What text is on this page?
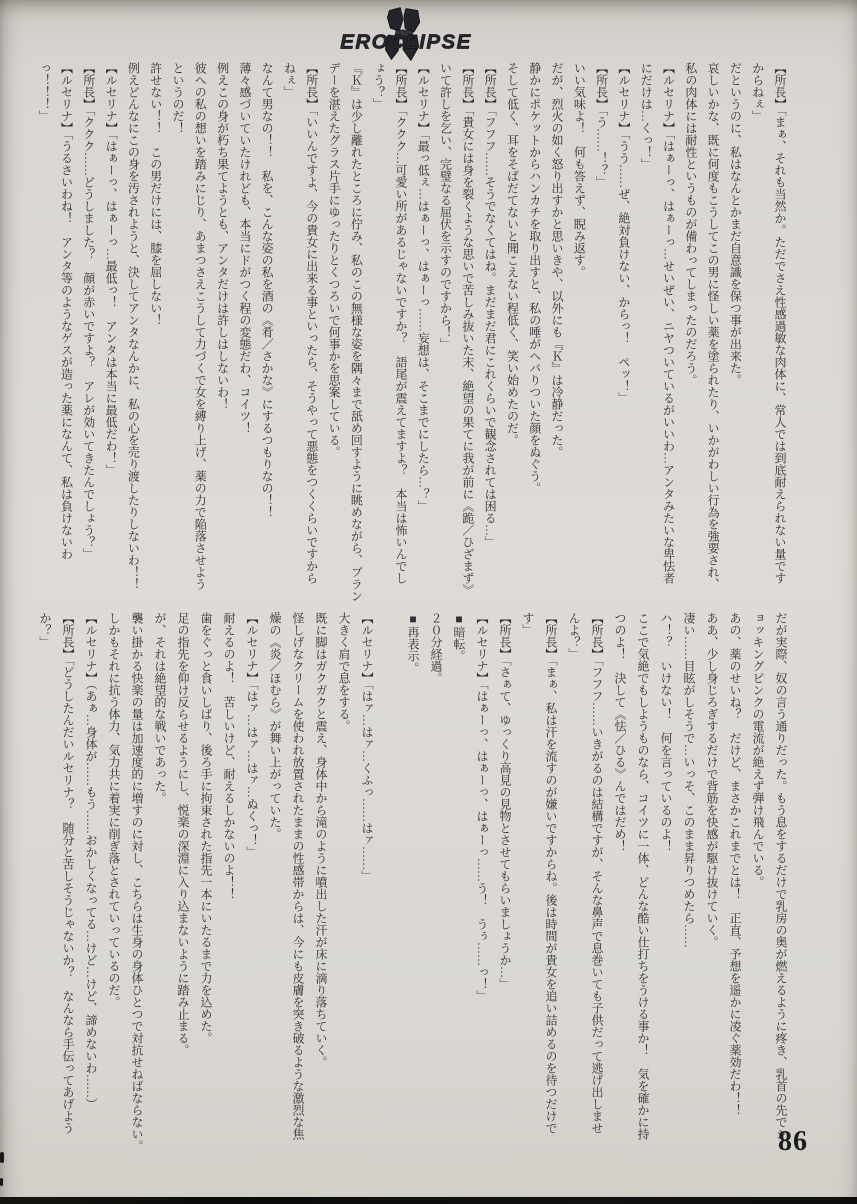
EROCLIPSE

【所長】「まぁ、それも当然か。ただでさえ性感過敏な肉体に、常人では到底耐えられない量です

からねぇ」

だというのに、私はなんとかまだ自意識を保つ事が出来た。

哀しいかな、既に何度もこうしてこの男に怪しい薬を塗られたり、いかがわしい行為を強要され、

私の肉体には耐性というものが備わってしまったのだろう。

【ルセリナ】「はぁーっ、はぁーっ…せいぜい、ニヤついているがいいわ…アンタみたいな卑怯者

にだけは…くっ！」

【ルセリナ】「うう……ぜ、絶対負けない、からっ！　ペッ！」

【所長】「う……！？」

いい気味よ！　何も答えず、睨み返す。

だが、烈火の如く怒り出すかと思いきや、以外にも『Ｋ』は冷静だった。

静かにポケットからハンカチを取り出すと、私の唾がヘバりついた顔をぬぐう。

そして低く、耳をそばだてないと聞こえない程低く、笑い始めたのだ。

【所長】「フフフ……そうでなくてはね。まだまだ君にこれくらいで観念されては困る…」

【所長】「貴女には身を裂くような思いで苦しみ抜いた末、絶望の果てに我が前に《跪／ひざまず》

いて許しを乞い、完璧なる屈伏を示すのですから！」

【ルセリナ】「最っ低ぇ…はぁーっ、はぁーっ……妄想は、そこまでにしたら…？」

【所長】「ククク…可愛い所があるじゃないですか？　語尾が震えてますよ？　本当は怖いんでし

ょう？」

『Ｋ』は少し離れたところに佇み、私のこの無様な姿を隅々まで舐め回すように眺めながら、ブラン

デーを湛えたグラス片手にゆったりとくつろいで何事かを思案している。

【所長】「いいんですよ、今の貴女に出来る事といったら、そうやって悪態をつくくらいですから

ねぇ」

なんて男なの！！　私を、こんな姿の私を酒の《肴／さかな》にするつもりなの！！

薄々感づいていたけれども、本当にドがつく程の変態だわ、コイツ！

例えこの身が朽ち果てようとも、アンタだけは許しはしないわ！

彼への私の想いを踏みにじり、あまつさえこうして力づくで女を縛り上げ、薬の力で陥落させよう

というのだ！

許せない！！　この男だけには、膝を屈しない！

例えどんなにこの身を汚されようと、決してアンタなんかに、私の心を売り渡したりしないわ！！

【ルセリナ】「はぁーっ、はぁーっ…最低っ！　アンタは本当に最低だわ！」

【所長】「ククク……どうしました？　顔が赤いですよ？　アレが効いてきたんでしょう？」

【ルセリナ】「うるさいわね！　アンタ等のようなゲスが造った薬になんて、私は負けないわ

っ！！！」

だが実際、奴の言う通りだった。もう息をするだけで乳房の奥が燃えるように疼き、乳首の先でシ

ョッキングピンクの電流が絶えず弾け飛んでいる。

あの、薬のせいね？　だけど、まさかこれまでとは！　正直、予想を遥かに凌ぐ薬効だわ！！

ああ、少し身じろぎするだけで背筋を快感が駆け抜けていく。

凄い……目眩がしそうで…いっそ、このまま昇りつめたら……

ハ！？　いけない！　何を言っているのよ！

ここで気絶でもしようものなら、コイツに一体、どんな酷い仕打ちをうける事か！　気を確かに持

つのよ！　決して《怯／ひる》んではだめ！

【所長】「フフフ……いきがるのは結構ですが、そんな鼻声で息巻いても子供だって逃げ出しませ

んよ？」

【所長】「まぁ、私は汗を流すのが嫌いですからね。後は時間が貴女を追い詰めるのを待つだけで

す」

【所長】「さぁて、ゆっくり高見の見物とさせてもらいましょうか…」

【ルセリナ】「はぁーっ、はぁーっ、はぁーっ……う！　うぅ……っ！」

■暗転。

２０分経過。

■再表示。

【ルセリナ】「はァ…はァ…くふっ……はァ……」

大きく肩で息をする。

既に脚はガクガクと震え、身体中から滝のように噴出した汗が床に滴り落ちていく。

怪しげなクリームを使われ放置されたままの性感帯からは、今にも皮膚を突き破るような激烈な焦

燥の《炎／ほむら》が舞い上がっていた。

【ルセリナ】「はァ…はァ…はァ…ぬくっ！」

耐えるのよ！　苦しいけど、耐えるしかないのよ！！

歯をぐっと食いしばり、後ろ手に拘束された指先一本にいたるまで力を込めた。

足の指先を仰け反らせるようにし、悦楽の深淵に入り込まないように踏み止まる。

が、それは絶望的な戦いであった。

襲い掛かる快楽の量は加速度的に増すのに対し、こちらは生身の身体ひとつで対抗せねばならない。

しかもそれに抗う体力、気力共に着実に削ぎ落とされていっているのだ。

【ルセリナ】（あぁ…身体が……もう……おかしくなってる…けど…けど、諦めないわ……）

【所長】「どうしたんだいルセリナ？　随分と苦しそうじゃないか？　なんなら手伝ってあげよう

か？」

86
